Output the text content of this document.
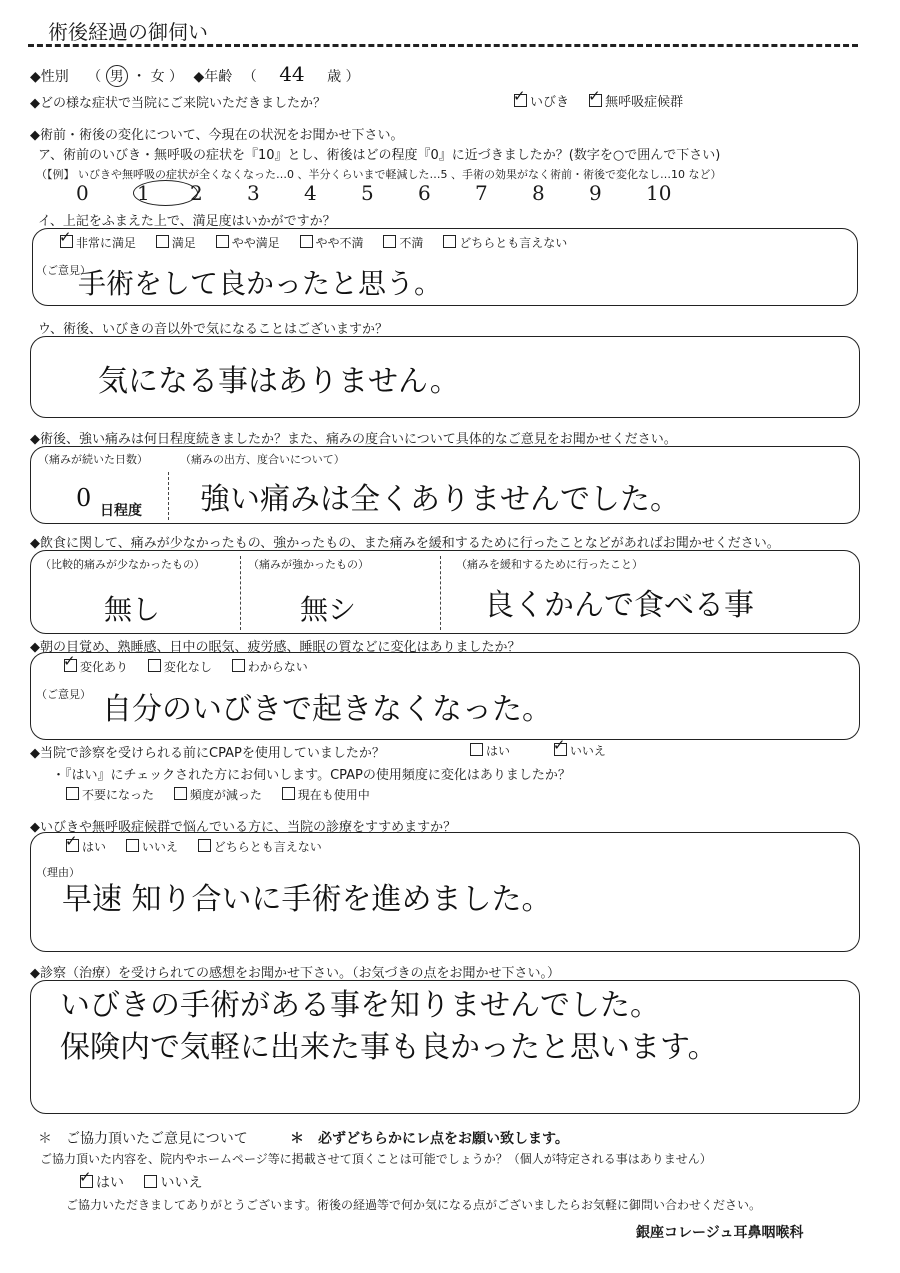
術後経過の御伺い
◆性別 （ 男 ・ 女 ） ◆年齢 （ 44 歳 ）
◆どの様な症状で当院にご来院いただきましたか？ ✓	いびき ✓	無呼吸症候群
◆術前・術後の変化について、今現在の状況をお聞かせ下さい。
ア、術前のいびき・無呼吸の症状を『10』とし、術後はどの程度『0』に近づきましたか？(数字を○で囲んで下さい)
（【例】 いびきや無呼吸の症状が全くなくなった…0 、半分くらいまで軽減した…5 、手術の効果がなく術前・術後で変化なし…10 など）
0 1 2 3 4 5 6 7 8 9 10
イ、上記をふまえた上で、満足度はいかがですか？
✓非常に満足	満足	やや満足	やや不満	不満	どちらとも言えない
（ご意見）
手術をして良かったと思う。
ウ、術後、いびきの音以外で気になることはございますか？
気になる事はありません。
◆術後、強い痛みは何日程度続きましたか？また、痛みの度合いについて具体的なご意見をお聞かせください。
（痛みが続いた日数）	（痛みの出方、度合いについて）
0 日程度 強い痛みは全くありませんでした。
◆飲食に関して、痛みが少なかったもの、強かったもの、また痛みを緩和するために行ったことなどがあればお聞かせください。
（比較的痛みが少なかったもの）	（痛みが強かったもの）	（痛みを緩和するために行ったこと）
無し	無シ	良くかんで食べる事
◆朝の目覚め、熟睡感、日中の眠気、疲労感、睡眠の質などに変化はありましたか？
✓変化あり	変化なし	わからない
（ご意見） 自分のいびきで起きなくなった。
◆当院で診察を受けられる前にCPAPを使用していましたか？	はい ✓	いいえ
・『はい』にチェックされた方にお伺いします。CPAPの使用頻度に変化はありましたか？
不要になった	頻度が減った	現在も使用中
◆いびきや無呼吸症候群で悩んでいる方に、当院の診療をすすめますか？
✓はい	いいえ	どちらとも言えない
（理由）
早速 知り合いに手術を進めました。
◆診察（治療）を受けられての感想をお聞かせ下さい。（お気づきの点をお聞かせ下さい。）
いびきの手術がある事を知りませんでした。
保険内で気軽に出来た事も良かったと思います。
＊　ご協力頂いたご意見について	＊　必ずどちらかにレ点をお願い致します。
ご協力頂いた内容を、院内やホームページ等に掲載させて頂くことは可能でしょうか？（個人が特定される事はありません）
✓はい	いいえ
ご協力いただきましてありがとうございます。術後の経過等で何か気になる点がございましたらお気軽に御問い合わせください。
銀座コレージュ耳鼻咽喉科
